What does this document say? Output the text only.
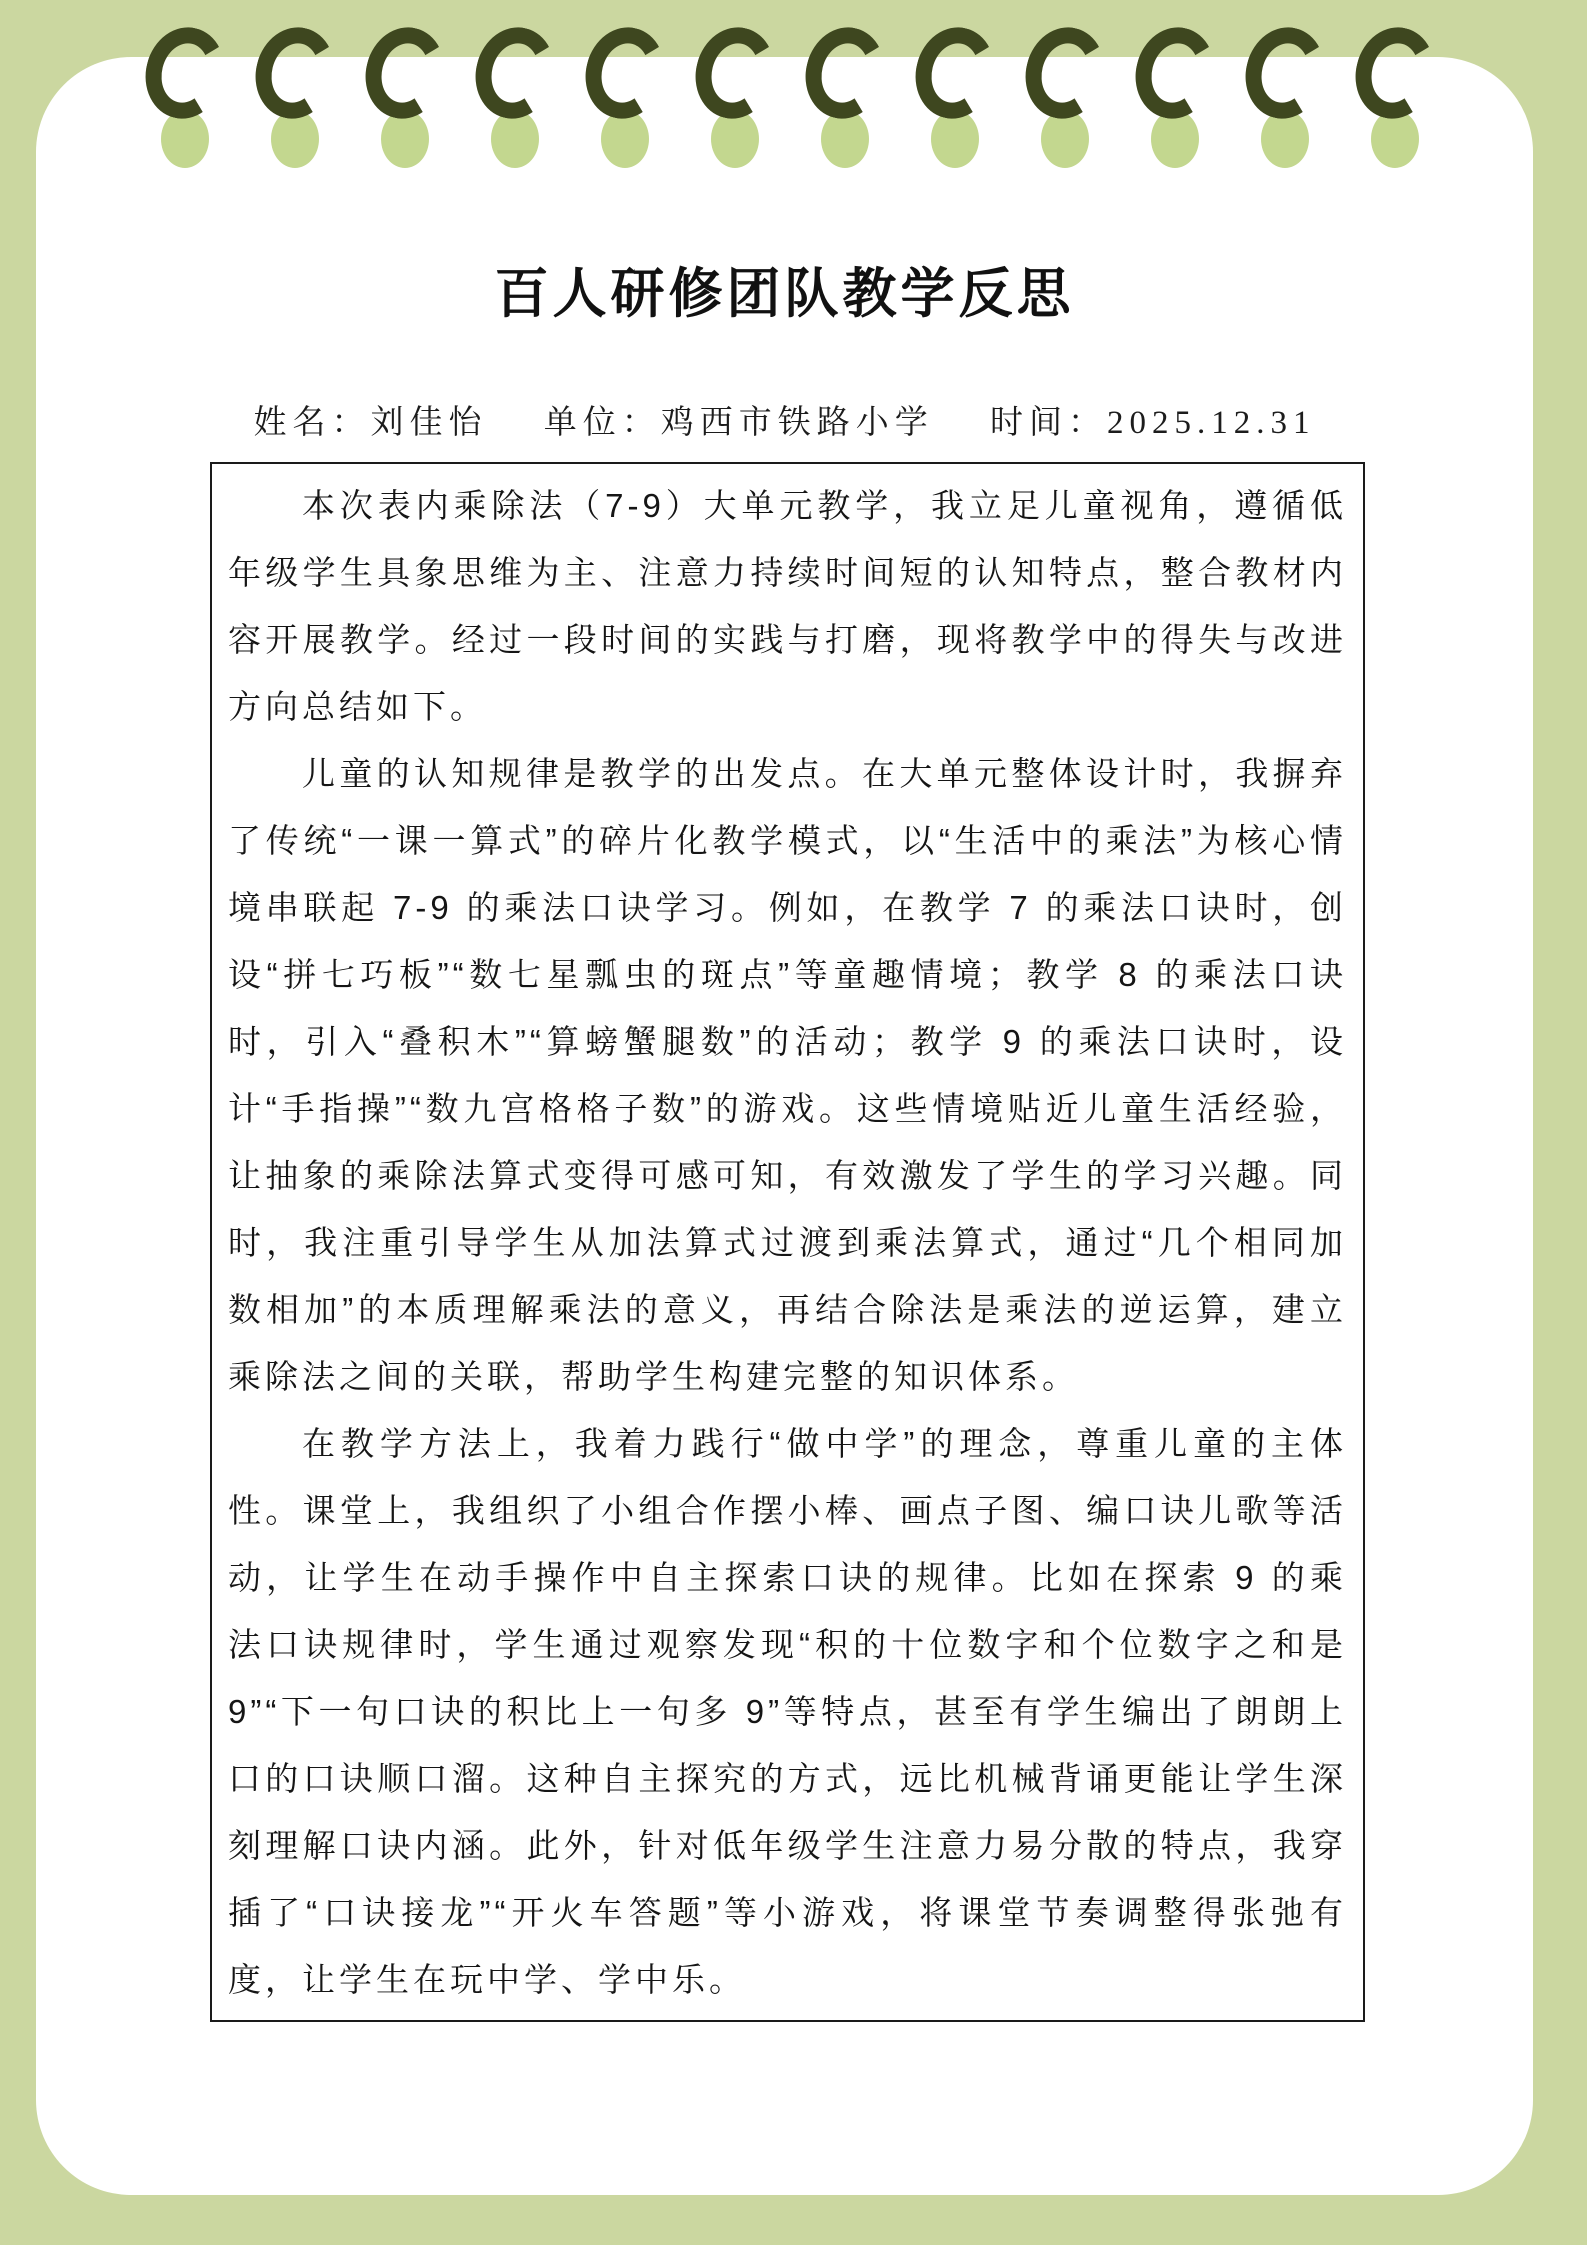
百人研修团队教学反思
姓名：刘佳怡 单位：鸡西市铁路小学 时间：2025.12.31

本次表内乘除法（7-9）大单元教学，我立足儿童视角，遵循低年级学生具象思维为主、注意力持续时间短的认知特点，整合教材内容开展教学。经过一段时间的实践与打磨，现将教学中的得失与改进方向总结如下。

儿童的认知规律是教学的出发点。在大单元整体设计时，我摒弃了传统“一课一算式”的碎片化教学模式，以“生活中的乘法”为核心情境串联起 7-9 的乘法口诀学习。例如，在教学 7 的乘法口诀时，创设“拼七巧板”“数七星瓢虫的斑点”等童趣情境；教学 8 的乘法口诀时，引入“叠积木”“算螃蟹腿数”的活动；教学 9 的乘法口诀时，设计“手指操”“数九宫格格子数”的游戏。这些情境贴近儿童生活经验，让抽象的乘除法算式变得可感可知，有效激发了学生的学习兴趣。同时，我注重引导学生从加法算式过渡到乘法算式，通过“几个相同加数相加”的本质理解乘法的意义，再结合除法是乘法的逆运算，建立乘除法之间的关联，帮助学生构建完整的知识体系。

在教学方法上，我着力践行“做中学”的理念，尊重儿童的主体性。课堂上，我组织了小组合作摆小棒、画点子图、编口诀儿歌等活动，让学生在动手操作中自主探索口诀的规律。比如在探索 9 的乘法口诀规律时，学生通过观察发现“积的十位数字和个位数字之和是 9”“下一句口诀的积比上一句多 9”等特点，甚至有学生编出了朗朗上口的口诀顺口溜。这种自主探究的方式，远比机械背诵更能让学生深刻理解口诀内涵。此外，针对低年级学生注意力易分散的特点，我穿插了“口诀接龙”“开火车答题”等小游戏，将课堂节奏调整得张弛有度，让学生在玩中学、学中乐。
